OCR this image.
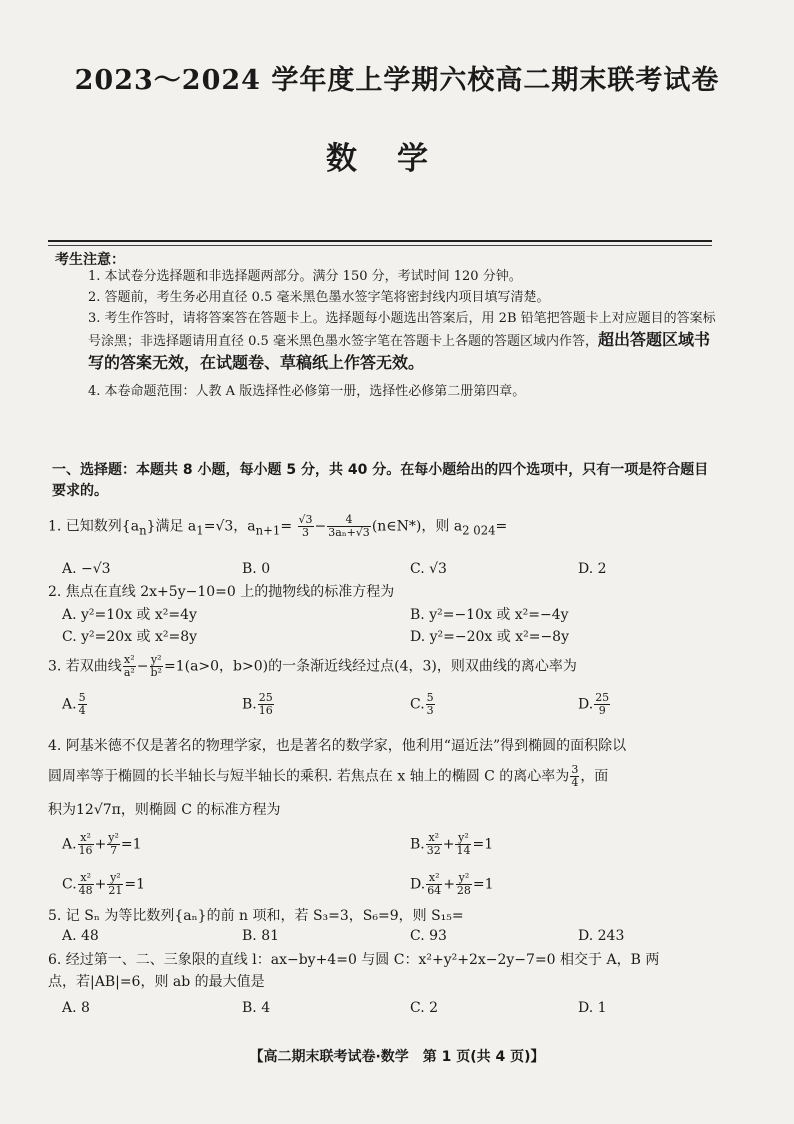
2023～2024 学年度上学期六校高二期末联考试卷
数学
考生注意：
1. 本试卷分选择题和非选择题两部分。满分 150 分，考试时间 120 分钟。
2. 答题前，考生务必用直径 0.5 毫米黑色墨水签字笔将密封线内项目填写清楚。
3. 考生作答时，请将答案答在答题卡上。选择题每小题选出答案后，用 2B 铅笔把答题卡上对应题目的答案标号涂黑；非选择题请用直径 0.5 毫米黑色墨水签字笔在答题卡上各题的答题区域内作答，超出答题区域书写的答案无效，在试题卷、草稿纸上作答无效。
4. 本卷命题范围：人教 A 版选择性必修第一册，选择性必修第二册第四章。
一、选择题：本题共 8 小题，每小题 5 分，共 40 分。在每小题给出的四个选项中，只有一项是符合题目要求的。
1. 已知数列$\{a_n\}$满足 $a_1=√3$，$a_{n+1}= \frac{√3}{3} - \frac{4}{\text{3aₙ+√3}}$ (n∈N*)，则 $a_{2 024}=$
A. −√3	B. 0	C. √3	D. 2
2. 焦点在直线 2x+5y−10=0 上的抛物线的标准方程为
A. y²=10x 或 x²=4y	B. y²=−10x 或 x²=−4y
C. y²=20x 或 x²=8y	D. y²=−20x 或 x²=−8y
3. 若双曲线 $\frac{\text{x²}}{\text{a²}} - \frac{\text{y²}}{\text{b²}} =1(a>0$，b>0)的一条渐近线经过点(4，3)，则双曲线的离心率为
A. $\frac{5}{4}$	B. $\frac{25}{16}$	C. $\frac{5}{3}$	D. $\frac{25}{9}$
4. 阿基米德不仅是著名的物理学家，也是著名的数学家，他利用“逼近法”得到椭圆的面积除以
圆周率等于椭圆的长半轴长与短半轴长的乘积. 若焦点在 x 轴上的椭圆 C 的离心率为 $\frac{3}{4}$ ，面
积为12√7π，则椭圆 C 的标准方程为
A. $\frac{\text{x²}}{16} + \frac{\text{y²}}{7} =1$	B. $\frac{\text{x²}}{32} + \frac{\text{y²}}{14} =1$
C. $\frac{\text{x²}}{48} + \frac{\text{y²}}{21} =1$	D. $\frac{\text{x²}}{64} + \frac{\text{y²}}{28} =1$
5. 记 Sₙ 为等比数列{aₙ}的前 n 项和，若 S₃=3，S₆=9，则 S₁₅=
A. 48	B. 81	C. 93	D. 243
6. 经过第一、二、三象限的直线 l：ax−by+4=0 与圆 C：x²+y²+2x−2y−7=0 相交于 A，B 两
点，若|AB|=6，则 ab 的最大值是
A. 8	B. 4	C. 2	D. 1
【高二期末联考试卷·数学　第 1 页(共 4 页)】
